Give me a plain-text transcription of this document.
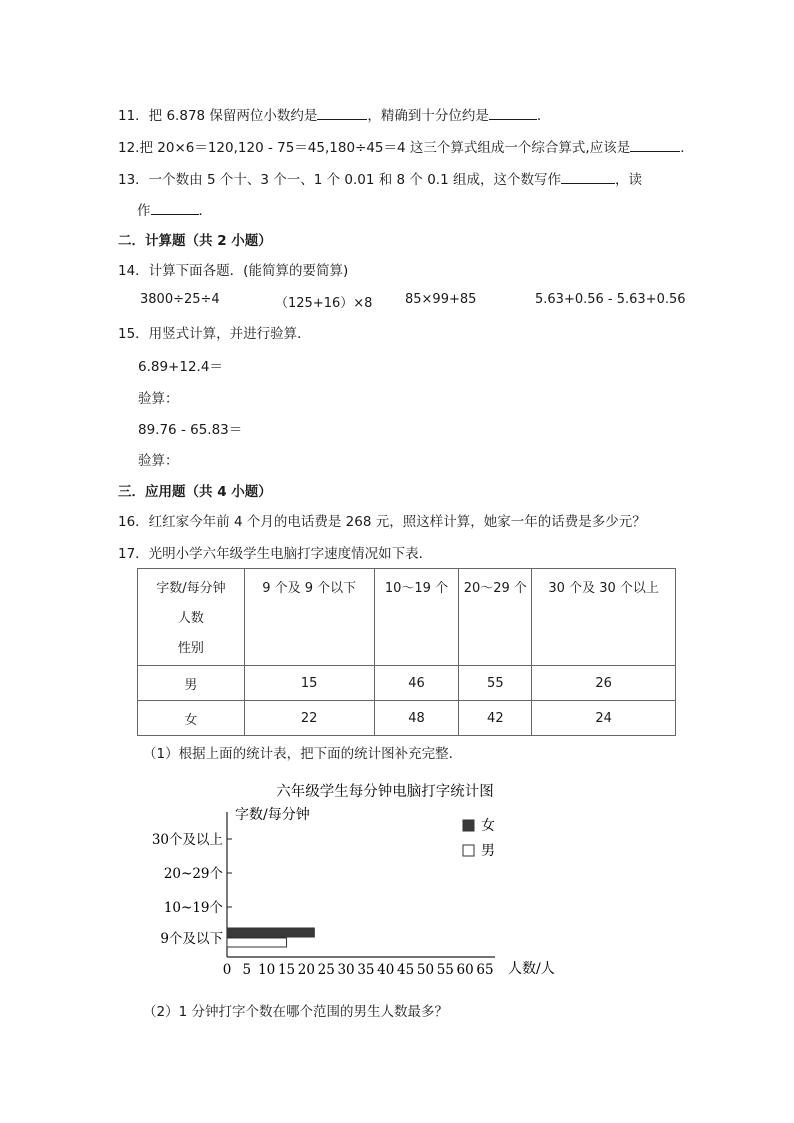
11．把 6.878 保留两位小数约是	，精确到十分位约是	．
12.把 20×6＝120,120 - 75＝45,180÷45＝4 这三个算式组成一个综合算式,应该是	．
13．一个数由 5 个十、3 个一、1 个 0.01 和 8 个 0.1 组成，这个数写作	，读
作	．
二．计算题（共 2 小题）
14．计算下面各题．(能简算的要简算)
3800÷25÷4	（125+16）×8	85×99+85	5.63+0.56 - 5.63+0.56
15．用竖式计算，并进行验算．
6.89+12.4＝
验算：
89.76 - 65.83＝
验算：
三．应用题（共 4 小题）
16．红红家今年前 4 个月的电话费是 268 元，照这样计算，她家一年的话费是多少元？
17．光明小学六年级学生电脑打字速度情况如下表．
字数/每分钟
人数
性别	9 个及 9 个以下	10～19 个	20～29 个	30 个及 30 个以上

男	15	46	55	26
女	22	48	42	24
（1）根据上面的统计表，把下面的统计图补充完整．
六年级学生每分钟电脑打字统计图
字数/每分钟
9个及以下
10~19个
20~29个
30个及以上
0 5 10 15 20 25 30 35 40 45 50 55 60 65 人数/人
女
男
（2）1 分钟打字个数在哪个范围的男生人数最多？
